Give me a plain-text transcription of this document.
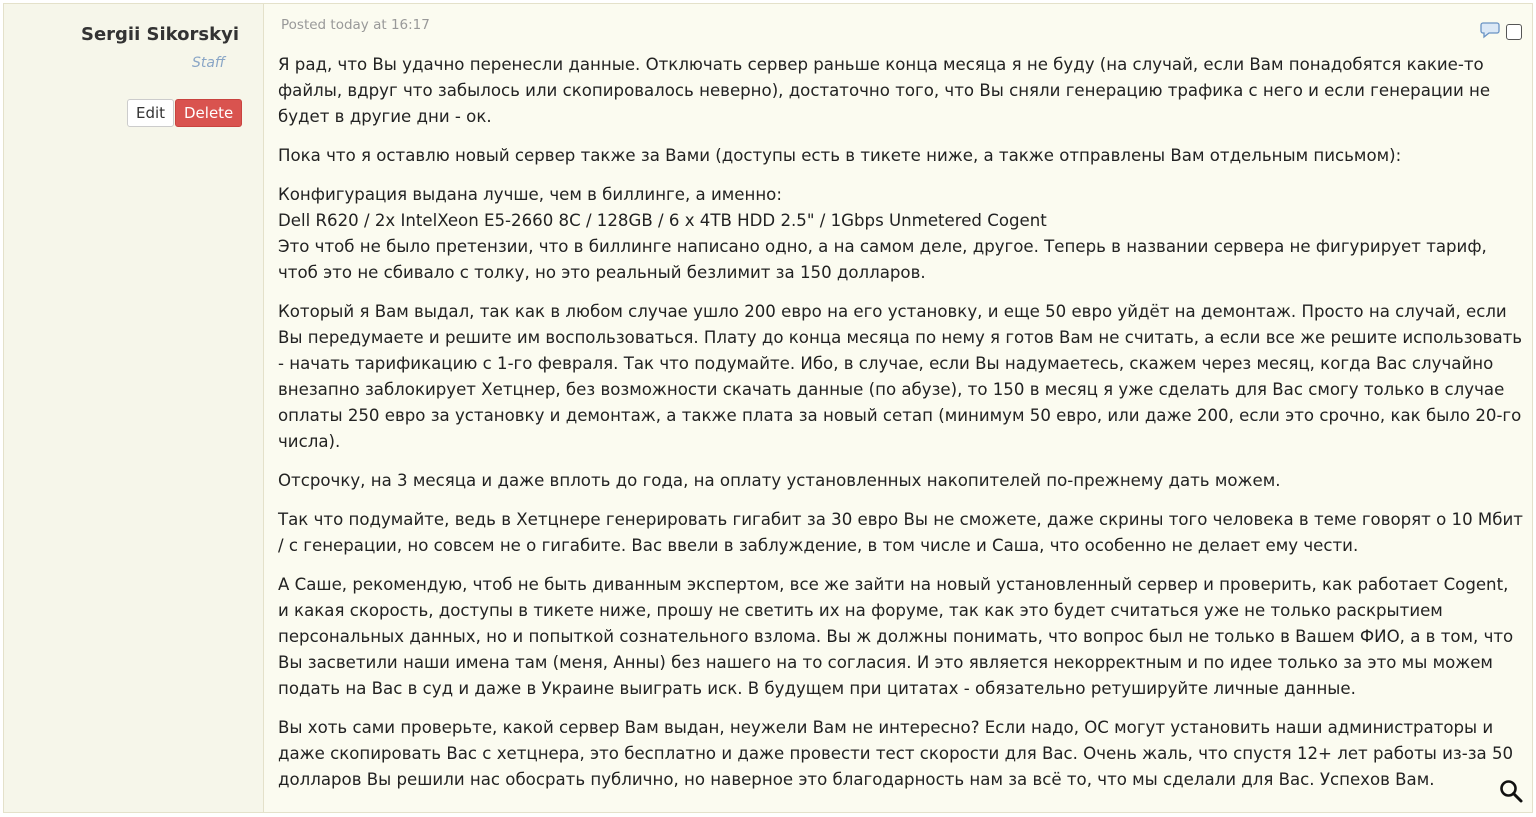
Sergii Sikorskyi
Staff
Edit	Delete
Posted today at 16:17

Я рад, что Вы удачно перенесли данные. Отключать сервер раньше конца месяца я не буду (на случай, если Вам понадобятся какие-то файлы, вдруг что забылось или скопировалось неверно), достаточно того, что Вы сняли генерацию трафика с него и если генерации не будет в другие дни - ок.

Пока что я оставлю новый сервер также за Вами (доступы есть в тикете ниже, а также отправлены Вам отдельным письмом):

Конфигурация выдана лучше, чем в биллинге, а именно:
Dell R620 / 2x IntelXeon E5-2660 8C / 128GB / 6 x 4TB HDD 2.5" / 1Gbps Unmetered Cogent
Это чтоб не было претензии, что в биллинге написано одно, а на самом деле, другое. Теперь в названии сервера не фигурирует тариф, чтоб это не сбивало с толку, но это реальный безлимит за 150 долларов.

Который я Вам выдал, так как в любом случае ушло 200 евро на его установку, и еще 50 евро уйдёт на демонтаж. Просто на случай, если Вы передумаете и решите им воспользоваться. Плату до конца месяца по нему я готов Вам не считать, а если все же решите использовать - начать тарификацию с 1-го февраля. Так что подумайте. Ибо, в случае, если Вы надумаетесь, скажем через месяц, когда Вас случайно внезапно заблокирует Хетцнер, без возможности скачать данные (по абузе), то 150 в месяц я уже сделать для Вас смогу только в случае оплаты 250 евро за установку и демонтаж, а также плата за новый сетап (минимум 50 евро, или даже 200, если это срочно, как было 20-го числа).

Отсрочку, на 3 месяца и даже вплоть до года, на оплату установленных накопителей по-прежнему дать можем.

Так что подумайте, ведь в Хетцнере генерировать гигабит за 30 евро Вы не сможете, даже скрины того человека в теме говорят о 10 Мбит / с генерации, но совсем не о гигабите. Вас ввели в заблуждение, в том числе и Саша, что особенно не делает ему чести.

А Саше, рекомендую, чтоб не быть диванным экспертом, все же зайти на новый установленный сервер и проверить, как работает Cogent, и какая скорость, доступы в тикете ниже, прошу не светить их на форуме, так как это будет считаться уже не только раскрытием персональных данных, но и попыткой сознательного взлома. Вы ж должны понимать, что вопрос был не только в Вашем ФИО, а в том, что Вы засветили наши имена там (меня, Анны) без нашего на то согласия. И это является некорректным и по идее только за это мы можем подать на Вас в суд и даже в Украине выиграть иск. В будущем при цитатах - обязательно ретушируйте личные данные.

Вы хоть сами проверьте, какой сервер Вам выдан, неужели Вам не интересно? Если надо, ОС могут установить наши администраторы и даже скопировать Вас с хетцнера, это бесплатно и даже провести тест скорости для Вас. Очень жаль, что спустя 12+ лет работы из-за 50 долларов Вы решили нас обосрать публично, но наверное это благодарность нам за всё то, что мы сделали для Вас. Успехов Вам.
